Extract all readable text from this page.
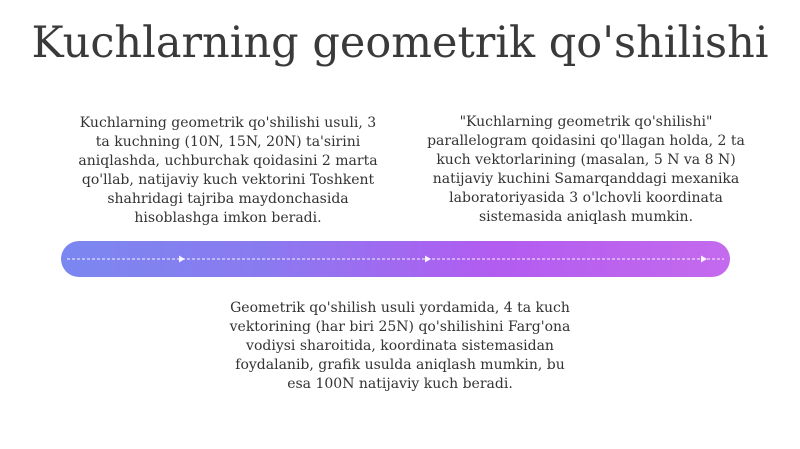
Kuchlarning geometrik qo'shilishi
Kuchlarning geometrik qo'shilishi usuli, 3 ta kuchning (10N, 15N, 20N) ta'sirini aniqlashda, uchburchak qoidasini 2 marta qo'llab, natijaviy kuch vektorini Toshkent shahridagi tajriba maydonchasida hisoblashga imkon beradi.
"Kuchlarning geometrik qo'shilishi" parallelogram qoidasini qo'llagan holda, 2 ta kuch vektorlarining (masalan, 5 N va 8 N) natijaviy kuchini Samarqanddagi mexanika laboratoriyasida 3 o'lchovli koordinata sistemasida aniqlash mumkin.
Geometrik qo'shilish usuli yordamida, 4 ta kuch vektorining (har biri 25N) qo'shilishini Farg'ona vodiysi sharoitida, koordinata sistemasidan foydalanib, grafik usulda aniqlash mumkin, bu esa 100N natijaviy kuch beradi.
